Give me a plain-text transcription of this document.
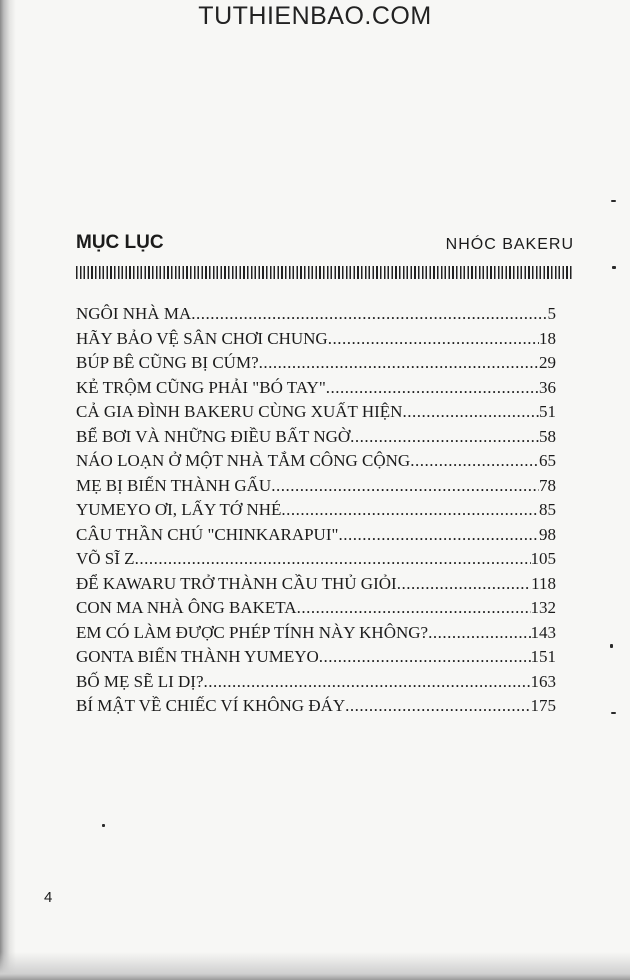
TUTHIENBAO.COM
MỤC LỤC	NHÓC BAKERU
NGÔI NHÀ MA .....	5
HÃY BẢO VỆ SÂN CHƠI CHUNG .....	18
BÚP BÊ CŨNG BỊ CÚM? .....	29
KẺ TRỘM CŨNG PHẢI "BÓ TAY" .....	36
CẢ GIA ĐÌNH BAKERU CÙNG XUẤT HIỆN .....	51
BỂ BƠI VÀ NHỮNG ĐIỀU BẤT NGỜ .....	58
NÁO LOẠN Ở MỘT NHÀ TẮM CÔNG CỘNG .....	65
MẸ BỊ BIẾN THÀNH GẤU .....	78
YUMEYO ƠI, LẤY TỚ NHÉ .....	85
CÂU THẦN CHÚ "CHINKARAPUI" .....	98
VÕ SĨ Z .....	105
ĐỂ KAWARU TRỞ THÀNH CẦU THỦ GIỎI .....	118
CON MA NHÀ ÔNG BAKETA .....	132
EM CÓ LÀM ĐƯỢC PHÉP TÍNH NÀY KHÔNG? .....	143
GONTA BIẾN THÀNH YUMEYO .....	151
BỐ MẸ SẼ LI DỊ? .....	163
BÍ MẬT VỀ CHIẾC VÍ KHÔNG ĐÁY .....	175
4
